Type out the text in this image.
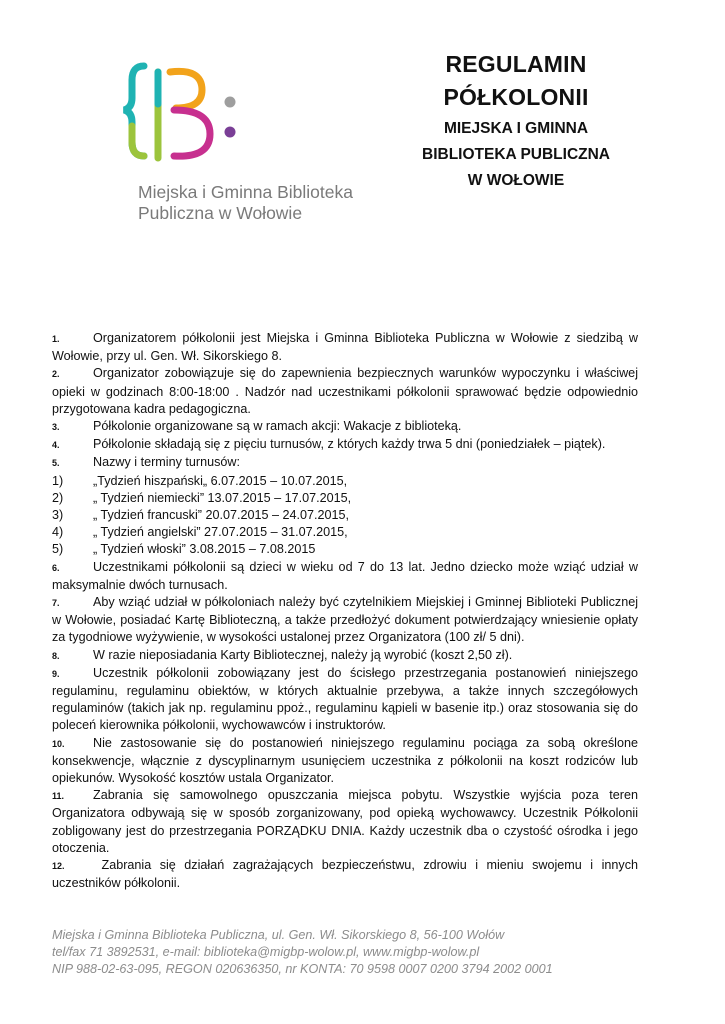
Miejska i Gminna Biblioteka
Publiczna w Wołowie
REGULAMIN
PÓŁKOLONII
MIEJSKA I GMINNA
BIBLIOTEKA PUBLICZNA
W WOŁOWIE

1.	Organizatorem półkolonii jest Miejska i Gminna Biblioteka Publiczna w Wołowie z siedzibą w Wołowie, przy ul. Gen. Wł. Sikorskiego 8.

2.	Organizator zobowiązuje się do zapewnienia bezpiecznych warunków wypoczynku i właściwej opieki w godzinach 8:00-18:00 . Nadzór nad uczestnikami półkolonii sprawować będzie odpowiednio przygotowana kadra pedagogiczna.

3.	Półkolonie organizowane są w ramach akcji: Wakacje z biblioteką.

4.	Półkolonie składają się z pięciu turnusów, z których każdy trwa 5 dni (poniedziałek – piątek).

5.	Nazwy i terminy turnusów:

1) „Tydzień hiszpański„ 6.07.2015 – 10.07.2015,

2) „ Tydzień niemiecki” 13.07.2015 – 17.07.2015,

3) „ Tydzień francuski” 20.07.2015 – 24.07.2015,

4) „ Tydzień angielski” 27.07.2015 – 31.07.2015,

5) „ Tydzień włoski” 3.08.2015 – 7.08.2015

6.	Uczestnikami półkolonii są dzieci w wieku od 7 do 13 lat. Jedno dziecko może wziąć udział w maksymalnie dwóch turnusach.

7.	Aby wziąć udział w półkoloniach należy być czytelnikiem Miejskiej i Gminnej Biblioteki Publicznej w Wołowie, posiadać Kartę Biblioteczną, a także przedłożyć dokument potwierdzający wniesienie opłaty za tygodniowe wyżywienie, w wysokości ustalonej przez Organizatora (100 zł/ 5 dni).

8.	W razie nieposiadania Karty Bibliotecznej, należy ją wyrobić (koszt 2,50 zł).

9.	Uczestnik półkolonii zobowiązany jest do ścisłego przestrzegania postanowień niniejszego regulaminu, regulaminu obiektów, w których aktualnie przebywa, a także innych szczegółowych regulaminów (takich jak np. regulaminu ppoż., regulaminu kąpieli w basenie itp.) oraz stosowania się do poleceń kierownika półkolonii, wychowawców i instruktorów.

10. Nie zastosowanie się do postanowień niniejszego regulaminu pociąga za sobą określone konsekwencje, włącznie z dyscyplinarnym usunięciem uczestnika z półkolonii na koszt rodziców lub opiekunów. Wysokość kosztów ustala Organizator.

11. Zabrania się samowolnego opuszczania miejsca pobytu. Wszystkie wyjścia poza teren Organizatora odbywają się w sposób zorganizowany, pod opieką wychowawcy. Uczestnik Półkolonii zobligowany jest do przestrzegania PORZĄDKU DNIA. Każdy uczestnik dba o czystość ośrodka i jego otoczenia.

12. Zabrania się działań zagrażających bezpieczeństwu, zdrowiu i mieniu swojemu i innych uczestników półkolonii.

Miejska i Gminna Biblioteka Publiczna, ul. Gen. Wł. Sikorskiego 8, 56-100 Wołów
tel/fax 71 3892531, e-mail: biblioteka@migbp-wolow.pl, www.migbp-wolow.pl
NIP 988-02-63-095, REGON 020636350, nr KONTA: 70 9598 0007 0200 3794 2002 0001
